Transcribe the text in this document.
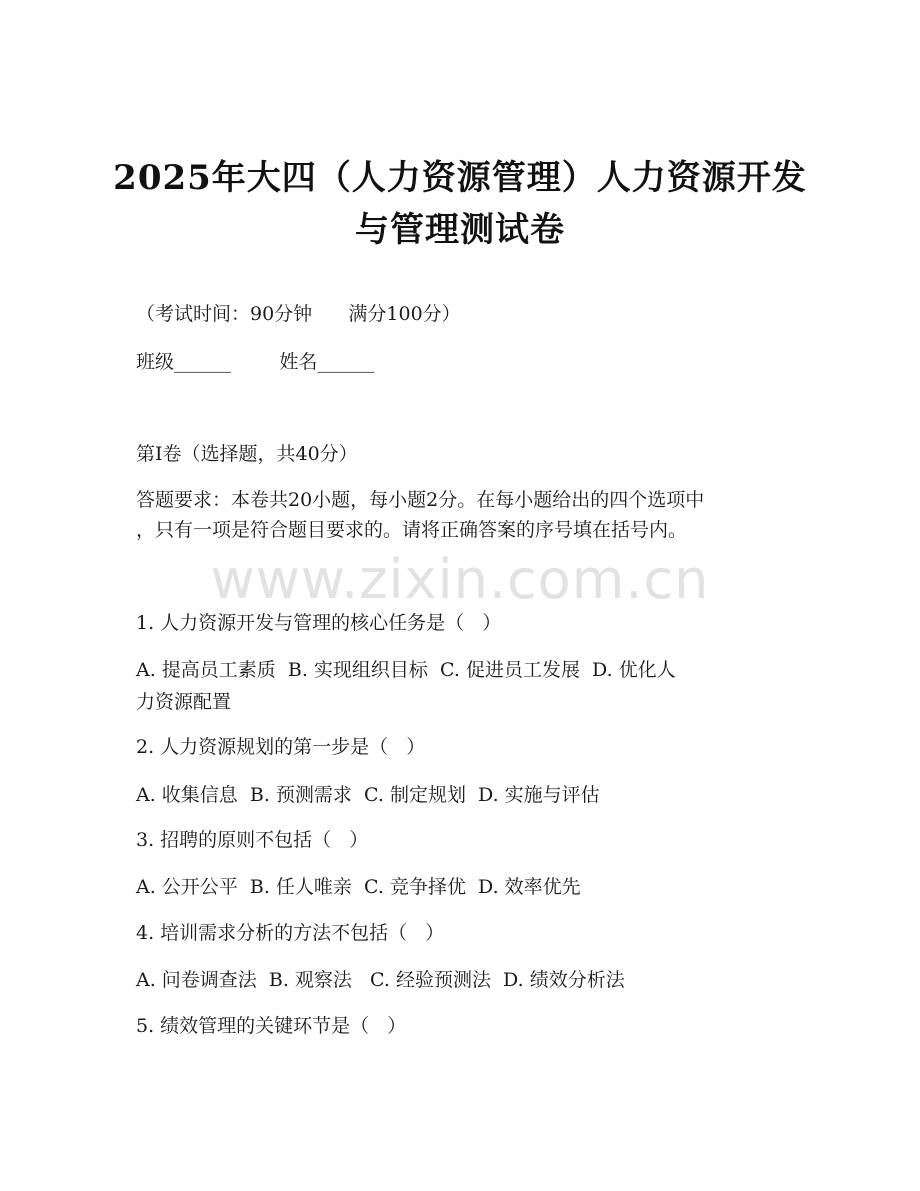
2025年大四（人力资源管理）人力资源开发
与管理测试卷
（考试时间：90分钟      满分100分）
班级______        姓名______
第I卷（选择题，共40分）
答题要求：本卷共20小题，每小题2分。在每小题给出的四个选项中
，只有一项是符合题目要求的。请将正确答案的序号填在括号内。
www.zixin.com.cn
1. 人力资源开发与管理的核心任务是（   ）
A. 提高员工素质  B. 实现组织目标  C. 促进员工发展  D. 优化人
力资源配置
2. 人力资源规划的第一步是（   ）
A. 收集信息  B. 预测需求  C. 制定规划  D. 实施与评估
3. 招聘的原则不包括（   ）
A. 公开公平  B. 任人唯亲  C. 竞争择优  D. 效率优先
4. 培训需求分析的方法不包括（   ）
A. 问卷调查法  B. 观察法   C. 经验预测法  D. 绩效分析法
5. 绩效管理的关键环节是（   ）
